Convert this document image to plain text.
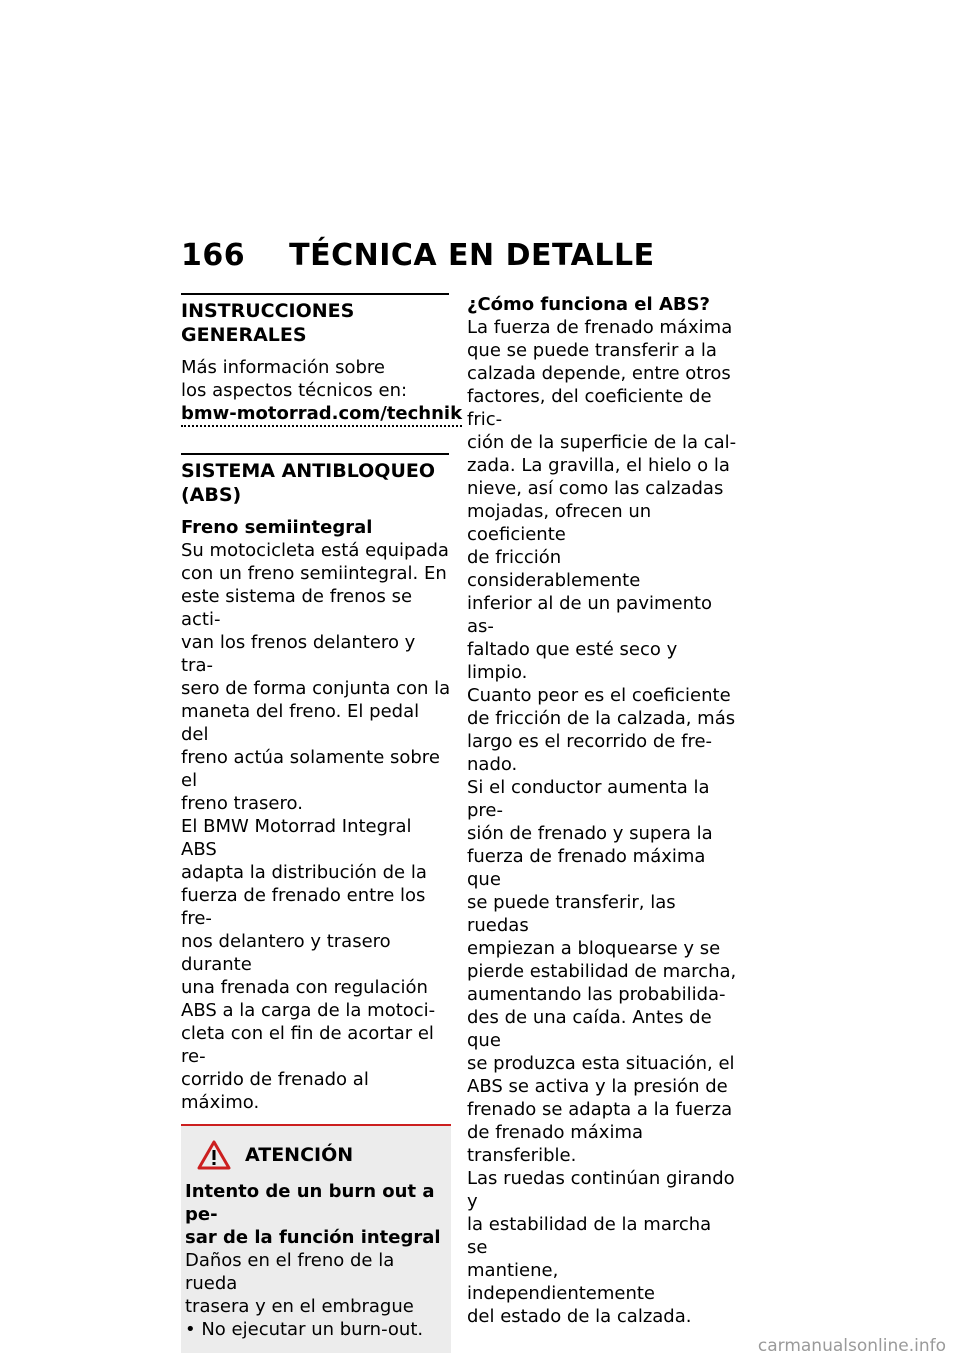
166 TÉCNICA EN DETALLE
INSTRUCCIONES GENERALES

Más información sobre

los aspectos técnicos en:

bmw-motorrad.com/technik
SISTEMA ANTIBLOQUEO
(ABS)

Freno semiintegral

Su motocicleta está equipada

con un freno semiintegral. En

este sistema de frenos se acti-

van los frenos delantero y tra-

sero de forma conjunta con la

maneta del freno. El pedal del

freno actúa solamente sobre el

freno trasero.

El BMW Motorrad Integral ABS

adapta la distribución de la

fuerza de frenado entre los fre-

nos delantero y trasero durante

una frenada con regulación

ABS a la carga de la motoci-

cleta con el fin de acortar el re-

corrido de frenado al máximo.

ATENCIÓN

Intento de un burn out a pe-

sar de la función integral

Daños en el freno de la rueda

trasera y en el embrague

• No ejecutar un burn-out.

¿Cómo funciona el ABS?

La fuerza de frenado máxima

que se puede transferir a la

calzada depende, entre otros

factores, del coeficiente de fric-

ción de la superficie de la cal-

zada. La gravilla, el hielo o la

nieve, así como las calzadas

mojadas, ofrecen un coeficiente

de fricción considerablemente

inferior al de un pavimento as-

faltado que esté seco y limpio.

Cuanto peor es el coeficiente

de fricción de la calzada, más

largo es el recorrido de fre-

nado.

Si el conductor aumenta la pre-

sión de frenado y supera la

fuerza de frenado máxima que

se puede transferir, las ruedas

empiezan a bloquearse y se

pierde estabilidad de marcha,

aumentando las probabilida-

des de una caída. Antes de que

se produzca esta situación, el

ABS se activa y la presión de

frenado se adapta a la fuerza

de frenado máxima transferible.

Las ruedas continúan girando y

la estabilidad de la marcha se

mantiene, independientemente

del estado de la calzada.

carmanualsonline.info
